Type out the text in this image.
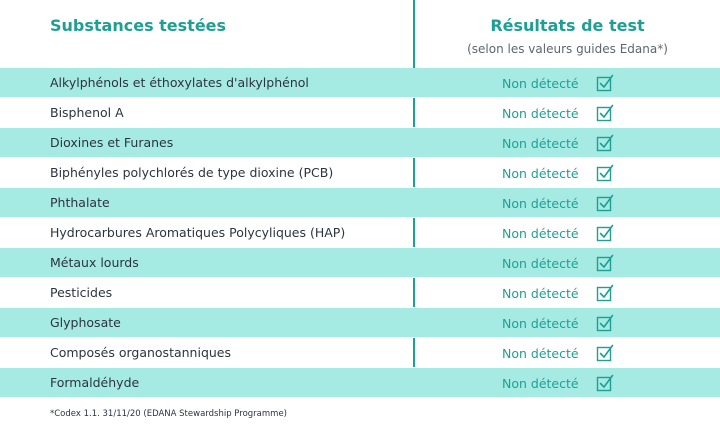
Substances testées	Résultats de test
(selon les valeurs guides Edana*)
Alkylphénols et éthoxylates d'alkylphénol	Non détecté
Bisphenol A	Non détecté
Dioxines et Furanes	Non détecté
Biphényles polychlorés de type dioxine (PCB)	Non détecté
Phthalate	Non détecté
Hydrocarbures Aromatiques Polycyliques (HAP)	Non détecté
Métaux lourds	Non détecté
Pesticides	Non détecté
Glyphosate	Non détecté
Composés organostanniques	Non détecté
Formaldéhyde	Non détecté
*Codex 1.1. 31/11/20 (EDANA Stewardship Programme)
